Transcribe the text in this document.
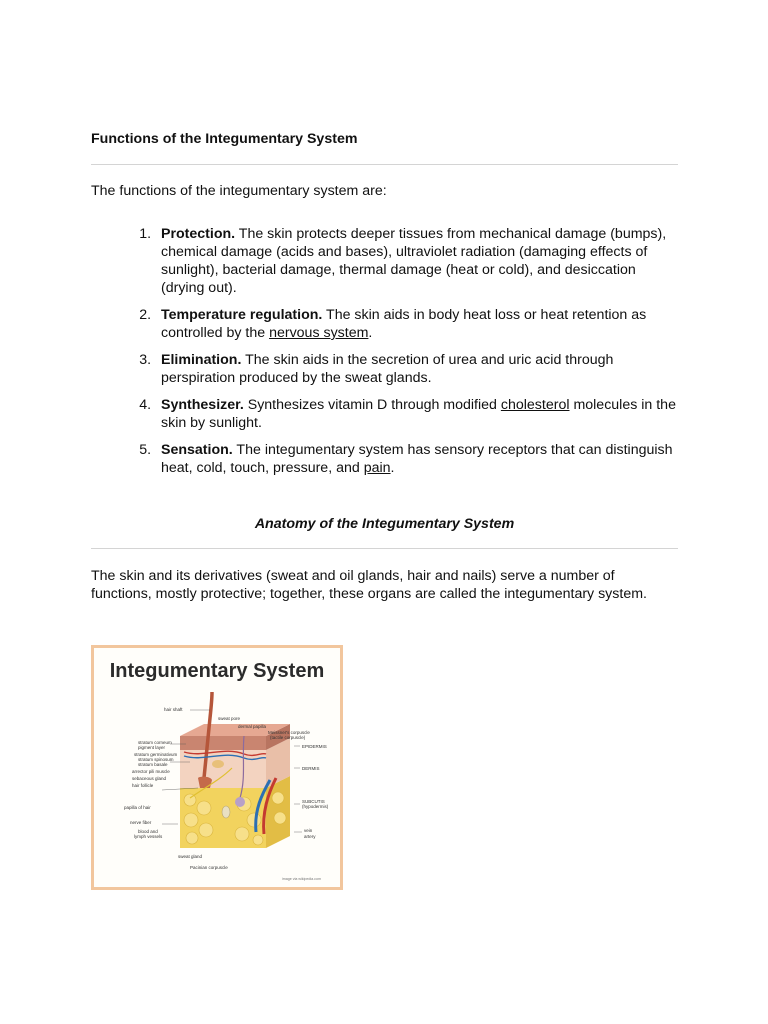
Functions of the Integumentary System

The functions of the integumentary system are:

1. Protection. The skin protects deeper tissues from mechanical damage (bumps), chemical damage (acids and bases), ultraviolet radiation (damaging effects of sunlight), bacterial damage, thermal damage (heat or cold), and desiccation (drying out).
2. Temperature regulation. The skin aids in body heat loss or heat retention as controlled by the nervous system.
3. Elimination. The skin aids in the secretion of urea and uric acid through perspiration produced by the sweat glands.
4. Synthesizer. Synthesizes vitamin D through modified cholesterol molecules in the skin by sunlight.
5. Sensation. The integumentary system has sensory receptors that can distinguish heat, cold, touch, pressure, and pain.
Anatomy of the Integumentary System

The skin and its derivatives (sweat and oil glands, hair and nails) serve a number of functions, mostly protective; together, these organs are called the integumentary system.

hair shaft
stratum corneum
pigment layer
stratum germinativum
stratum spinosum
stratum basale
arrector pili muscle
sebaceous gland
hair follicle
papilla of hair
nerve fiber
blood and
lymph vessels
sweat gland
Pacinian corpuscle
sweat pore
dermal papilla
Meissner's corpuscle
(tactile corpuscle)
EPIDERMIS
DERMIS
SUBCUTIS
(hypodermis)
vein
artery
image via wikipedia.com

Integumentary System
